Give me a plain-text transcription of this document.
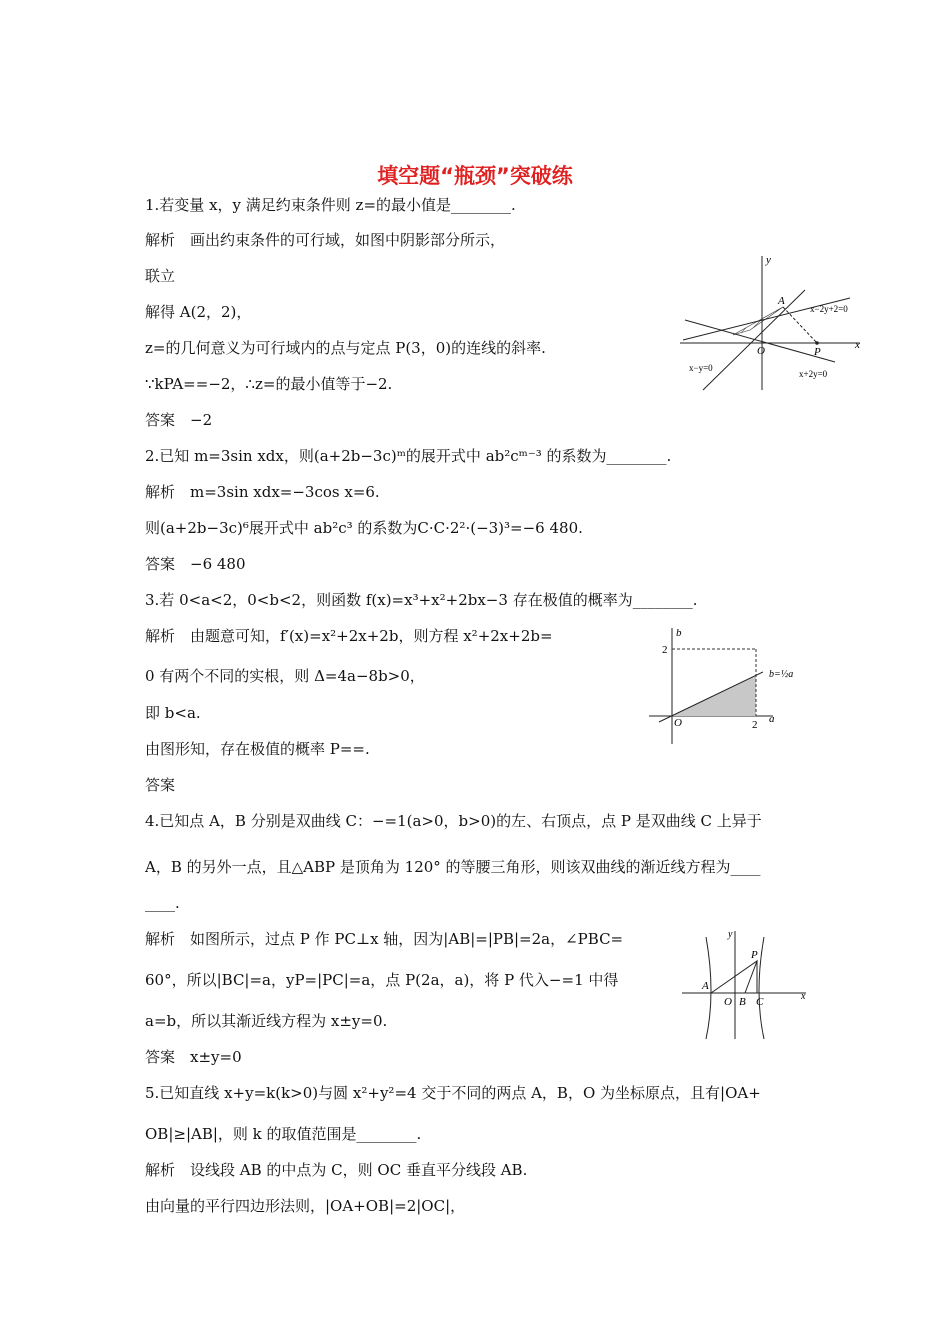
填空题“瓶颈”突破练
1.若变量 x，y 满足约束条件则 z=的最小值是________.
解析　画出约束条件的可行域，如图中阴影部分所示，
联立
解得 A(2，2)，
z=的几何意义为可行域内的点与定点 P(3，0)的连线的斜率.
∵kPA==−2，∴z=的最小值等于−2.
答案　−2
y
x
A
O	P
x−2y+2=0
x−y=0
x+2y=0
2.已知 m=3sin xdx，则(a+2b−3c)ᵐ的展开式中 ab²cᵐ⁻³ 的系数为________.
解析　m=3sin xdx=−3cos x=6.
则(a+2b−3c)⁶展开式中 ab²c³ 的系数为C·C·2²·(−3)³=−6 480.
答案　−6 480
3.若 0<a<2，0<b<2，则函数 f(x)=x³+x²+2bx−3 存在极值的概率为________.
解析　由题意可知，f′(x)=x²+2x+2b，则方程 x²+2x+2b=
0 有两个不同的实根，则 Δ=4a−8b>0，
即 b<a.
由图形知，存在极值的概率 P==.
答案
b
a
O
2
2
b=½a
4.已知点 A，B 分别是双曲线 C：−=1(a>0，b>0)的左、右顶点，点 P 是双曲线 C 上异于
A，B 的另外一点，且△ABP 是顶角为 120° 的等腰三角形，则该双曲线的渐近线方程为____
____.
解析　如图所示，过点 P 作 PC⊥x 轴，因为|AB|=|PB|=2a，∠PBC=
60°，所以|BC|=a，yP=|PC|=a，点 P(2a，a)，将 P 代入−=1 中得
a=b，所以其渐近线方程为 x±y=0.
答案　x±y=0
y
x
A
O B C
P
5.已知直线 x+y=k(k>0)与圆 x²+y²=4 交于不同的两点 A，B，O 为坐标原点，且有|OA+
OB|≥|AB|，则 k 的取值范围是________.
解析　设线段 AB 的中点为 C，则 OC 垂直平分线段 AB.
由向量的平行四边形法则，|OA+OB|=2|OC|，
